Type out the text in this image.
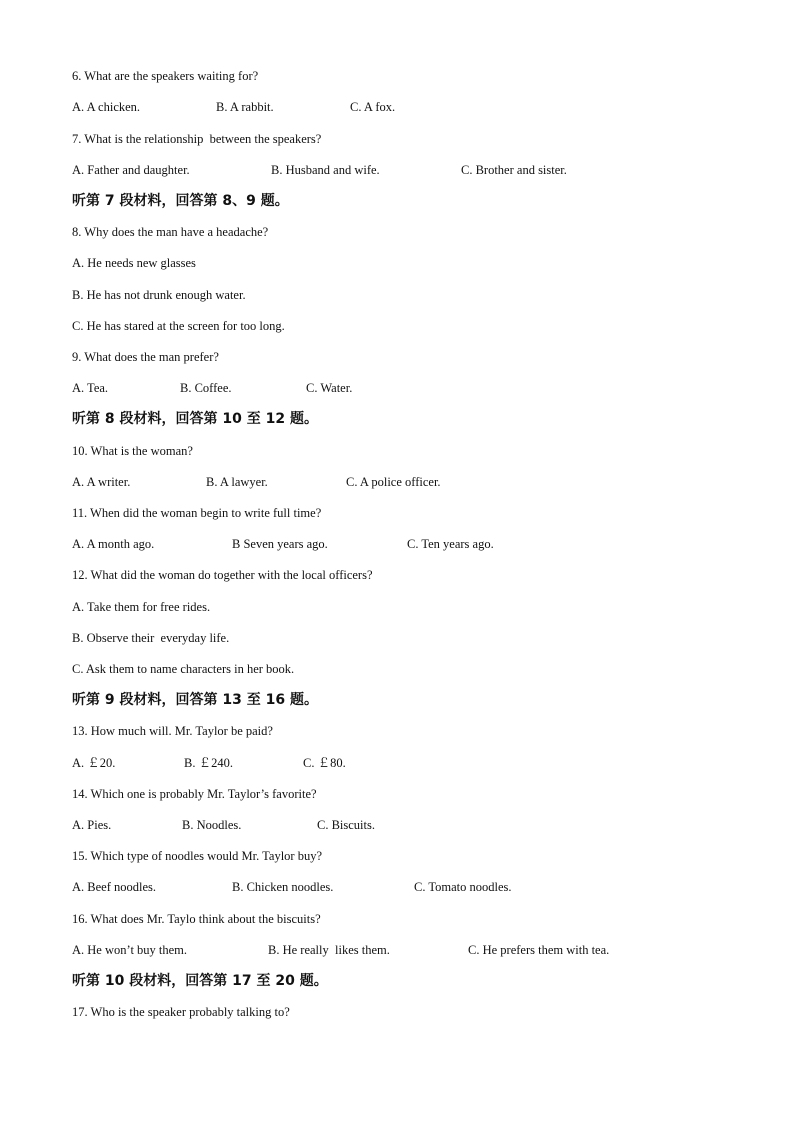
6. What are the speakers waiting for?
A. A chicken.	B. A rabbit.	C. A fox.
7. What is the relationship  between the speakers?
A. Father and daughter.	B. Husband and wife.	C. Brother and sister.
听第 7 段材料，回答第 8、9 题。
8. Why does the man have a headache?
A. He needs new glasses
B. He has not drunk enough water.
C. He has stared at the screen for too long.
9. What does the man prefer?
A. Tea.	B. Coffee.	C. Water.
听第 8 段材料，回答第 10 至 12 题。
10. What is the woman?
A. A writer.	B. A lawyer.	C. A police officer.
11. When did the woman begin to write full time?
A. A month ago.	B Seven years ago.	C. Ten years ago.
12. What did the woman do together with the local officers?
A. Take them for free rides.
B. Observe their  everyday life.
C. Ask them to name characters in her book.
听第 9 段材料，回答第 13 至 16 题。
13. How much will. Mr. Taylor be paid?
A. ￡20.	B. ￡240.	C. ￡80.
14. Which one is probably Mr. Taylor’s favorite?
A. Pies.	B. Noodles.	C. Biscuits.
15. Which type of noodles would Mr. Taylor buy?
A. Beef noodles.	B. Chicken noodles.	C. Tomato noodles.
16. What does Mr. Taylo think about the biscuits?
A. He won’t buy them.	B. He really  likes them.	C. He prefers them with tea.
听第 10 段材料，回答第 17 至 20 题。
17. Who is the speaker probably talking to?
